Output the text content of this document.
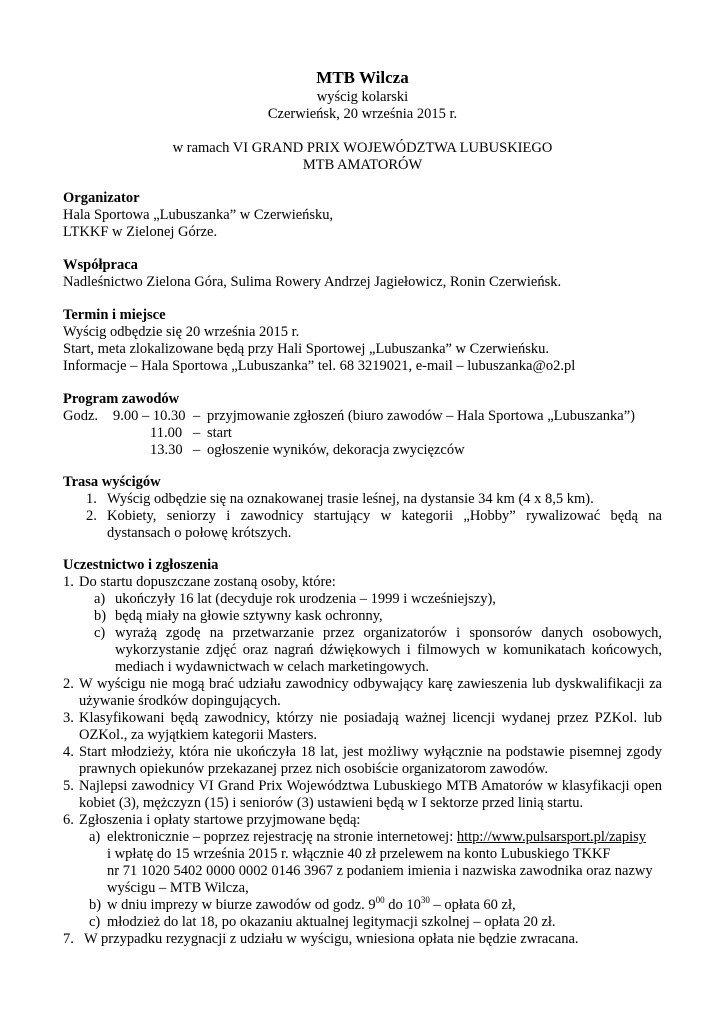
MTB Wilcza
wyścig kolarski
Czerwieńsk, 20 września 2015 r.
w ramach VI GRAND PRIX WOJEWÓDZTWA LUBUSKIEGO
MTB AMATORÓW
Organizator
Hala Sportowa „Lubuszanka” w Czerwieńsku,
LTKKF w Zielonej Górze.
Współpraca
Nadleśnictwo Zielona Góra, Sulima Rowery Andrzej Jagiełowicz, Ronin Czerwieńsk.
Termin i miejsce
Wyścig odbędzie się 20 września 2015 r.
Start, meta zlokalizowane będą przy Hali Sportowej „Lubuszanka” w Czerwieńsku.
Informacje – Hala Sportowa „Lubuszanka” tel. 68 3219021, e-mail – lubuszanka@o2.pl
Program zawodów
Godz. 9.00 – 10.30 – przyjmowanie zgłoszeń (biuro zawodów – Hala Sportowa „Lubuszanka”)
11.00 – start
13.30 – ogłoszenie wyników, dekoracja zwycięzców
Trasa wyścigów
1. Wyścig odbędzie się na oznakowanej trasie leśnej, na dystansie 34 km (4 x 8,5 km).
2. Kobiety, seniorzy i zawodnicy startujący w kategorii „Hobby” rywalizować będą na
dystansach o połowę krótszych.
Uczestnictwo i zgłoszenia
1. Do startu dopuszczane zostaną osoby, które:
a) ukończyły 16 lat (decyduje rok urodzenia – 1999 i wcześniejszy),
b) będą miały na głowie sztywny kask ochronny,
c) wyrażą zgodę na przetwarzanie przez organizatorów i sponsorów danych osobowych,
wykorzystanie zdjęć oraz nagrań dźwiękowych i filmowych w komunikatach końcowych,
mediach i wydawnictwach w celach marketingowych.
2. W wyścigu nie mogą brać udziału zawodnicy odbywający karę zawieszenia lub dyskwalifikacji za
używanie środków dopingujących.
3. Klasyfikowani będą zawodnicy, którzy nie posiadają ważnej licencji wydanej przez PZKol. lub
OZKol., za wyjątkiem kategorii Masters.
4. Start młodzieży, która nie ukończyła 18 lat, jest możliwy wyłącznie na podstawie pisemnej zgody
prawnych opiekunów przekazanej przez nich osobiście organizatorom zawodów.
5. Najlepsi zawodnicy VI Grand Prix Województwa Lubuskiego MTB Amatorów w klasyfikacji open
kobiet (3), mężczyzn (15) i seniorów (3) ustawieni będą w I sektorze przed linią startu.
6. Zgłoszenia i opłaty startowe przyjmowane będą:
a) elektronicznie – poprzez rejestrację na stronie internetowej: http://www.pulsarsport.pl/zapisy
i wpłatę do 15 września 2015 r. włącznie 40 zł przelewem na konto Lubuskiego TKKF
nr 71 1020 5402 0000 0002 0146 3967 z podaniem imienia i nazwiska zawodnika oraz nazwy
wyścigu – MTB Wilcza,
b) w dniu imprezy w biurze zawodów od godz. $9^{00}$ do $10^{30}$ – opłata 60 zł,
c) młodzież do lat 18, po okazaniu aktualnej legitymacji szkolnej – opłata 20 zł.
7. W przypadku rezygnacji z udziału w wyścigu, wniesiona opłata nie będzie zwracana.
